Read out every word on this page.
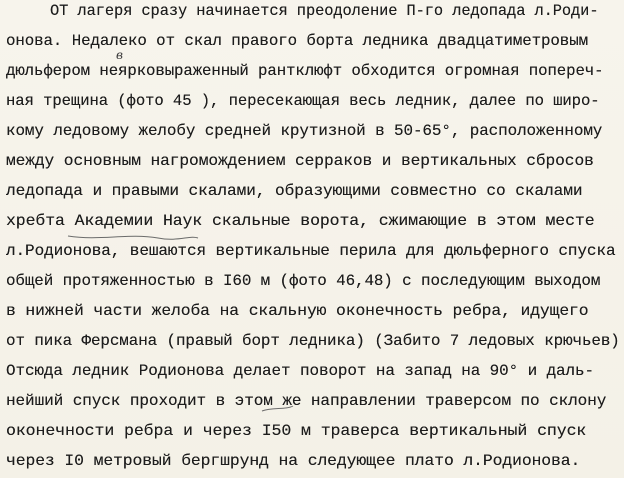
ОТ лагеря сразу начинается преодоление П-го ледопада л.Роди-
онова. Недалеко от скал правого борта ледника двадцатиметровым
дюльфером неярковыраженный рантклюфт обходится огромная попереч-
ная трещина (фото 45 ), пересекающая весь ледник, далее по широ-
кому ледовому желобу средней крутизной в 50-65°, расположенному
между основным нагромождением серраков и вертикальных сбросов
ледопада и правыми скалами, образующими совместно со скалами
хребта Академии Наук скальные ворота, сжимающие в этом месте
л.Родионова, вешаются вертикальные перила для дюльферного спуска
общей протяженностью в I60 м (фото 46,48) с последующим выходом
в нижней части желоба на скальную оконечность ребра, идущего
от пика Ферсмана (правый борт ледника) (Забито 7 ледовых крючьев)
Отсюда ледник Родионова делает поворот на запад на 90° и даль-
нейший спуск проходит в этом же направлении траверсом по склону
оконечности ребра и через I50 м траверса вертикальный спуск
через I0 метровый бергшрунд на следующее плато л.Родионова.
в
